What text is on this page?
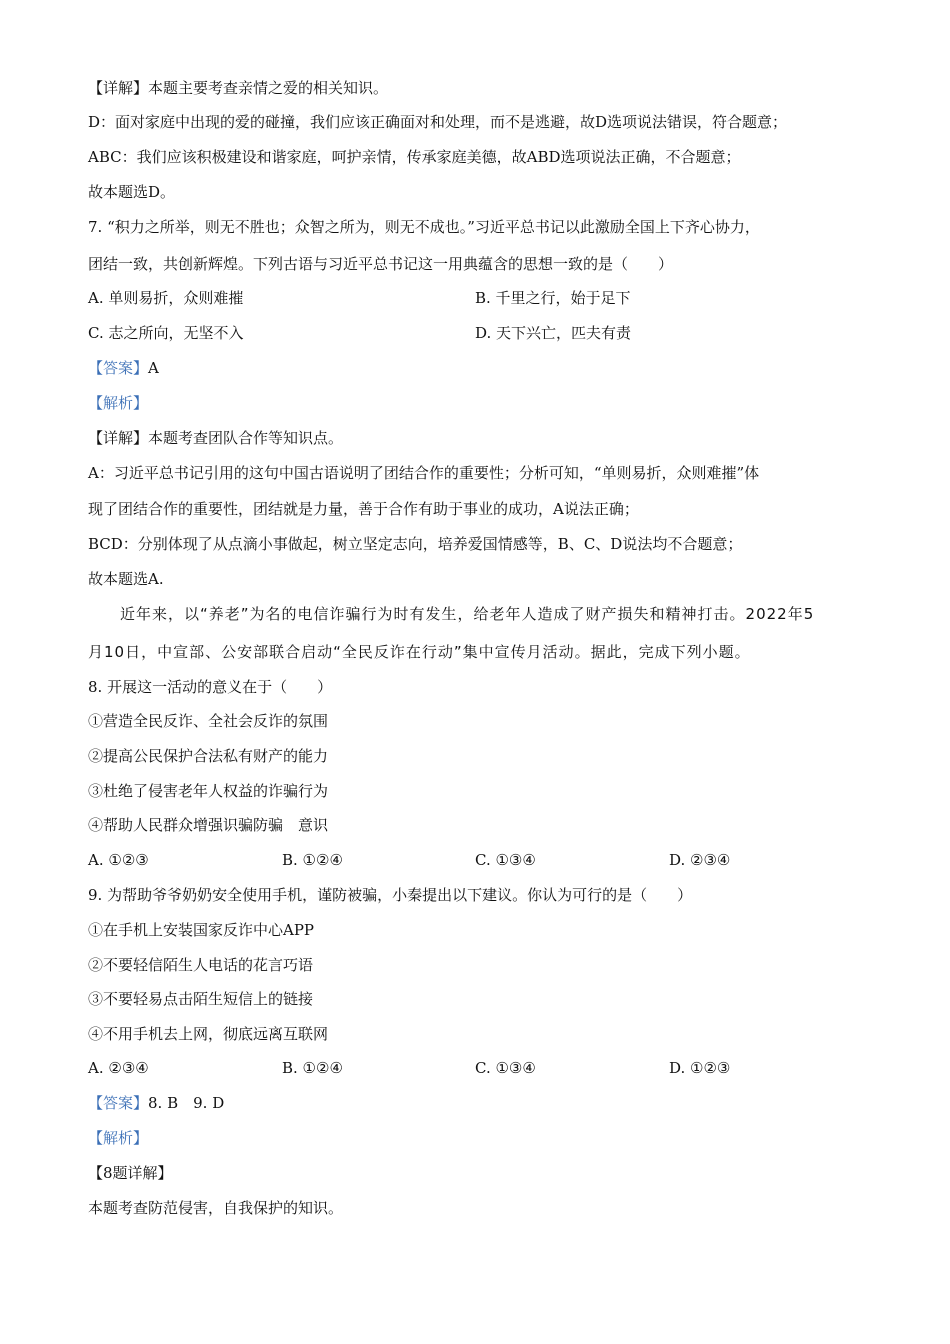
【详解】本题主要考查亲情之爱的相关知识。
D：面对家庭中出现的爱的碰撞，我们应该正确面对和处理，而不是逃避，故D选项说法错误，符合题意；
ABC：我们应该积极建设和谐家庭，呵护亲情，传承家庭美德，故ABD选项说法正确，不合题意；
故本题选D。
7. “积力之所举，则无不胜也；众智之所为，则无不成也。”习近平总书记以此激励全国上下齐心协力，
团结一致，共创新辉煌。下列古语与习近平总书记这一用典蕴含的思想一致的是（　　）
A. 单则易折，众则难摧	B. 千里之行，始于足下
C. 志之所向，无坚不入	D. 天下兴亡，匹夫有责
【答案】A
【解析】
【详解】本题考查团队合作等知识点。
A：习近平总书记引用的这句中国古语说明了团结合作的重要性；分析可知，“单则易折，众则难摧”体
现了团结合作的重要性，团结就是力量，善于合作有助于事业的成功，A说法正确；
BCD：分别体现了从点滴小事做起，树立坚定志向，培养爱国情感等，B、C、D说法均不合题意；
故本题选A.
近年来，以“养老”为名的电信诈骗行为时有发生，给老年人造成了财产损失和精神打击。2022年5
月10日，中宣部、公安部联合启动“全民反诈在行动”集中宣传月活动。据此，完成下列小题。
8. 开展这一活动的意义在于（　　）
①营造全民反诈、全社会反诈的氛围
②提高公民保护合法私有财产的能力
③杜绝了侵害老年人权益的诈骗行为
④帮助人民群众增强识骗防骗　意识
A. ①②③	B. ①②④	C. ①③④	D. ②③④
9. 为帮助爷爷奶奶安全使用手机，谨防被骗，小秦提出以下建议。你认为可行的是（　　）
①在手机上安装国家反诈中心APP
②不要轻信陌生人电话的花言巧语
③不要轻易点击陌生短信上的链接
④不用手机去上网，彻底远离互联网
A. ②③④	B. ①②④	C. ①③④	D. ①②③
【答案】8. B　9. D
【解析】
【8题详解】
本题考查防范侵害，自我保护的知识。
